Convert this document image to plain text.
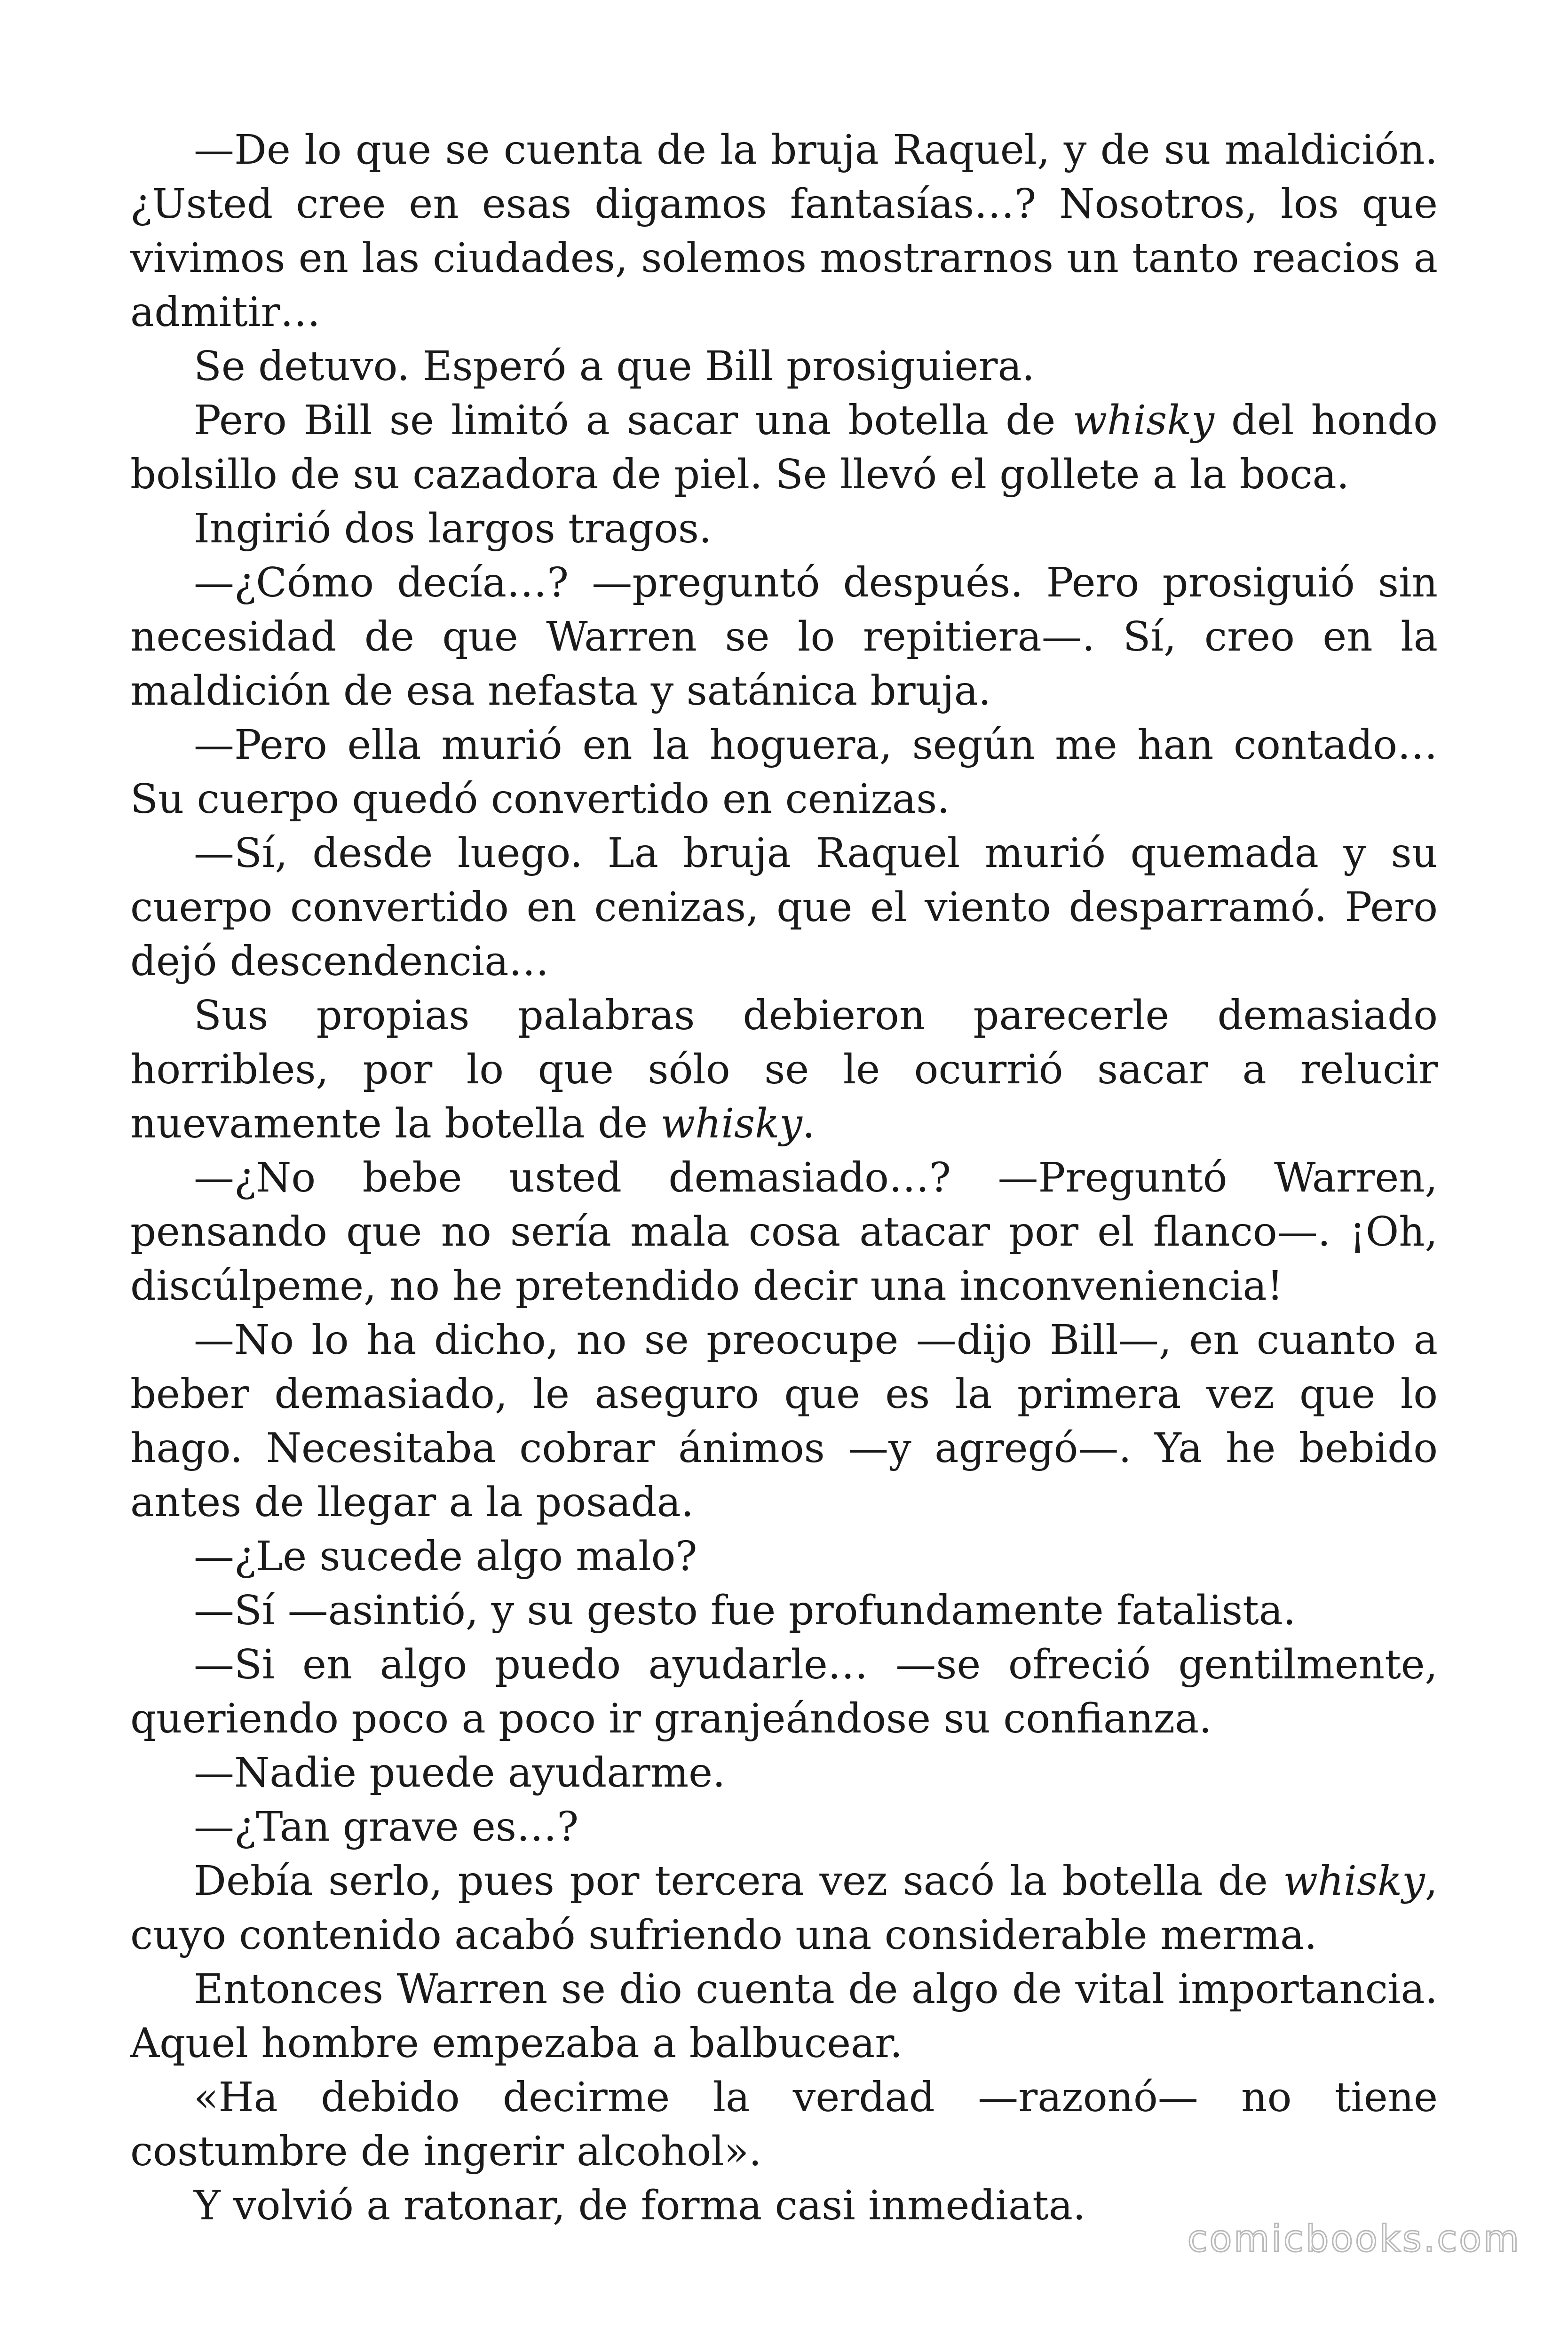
—De lo que se cuenta de la bruja Raquel, y de su maldición. ¿Usted cree en esas digamos fantasías…? Nosotros, los que vivimos en las ciudades, solemos mostrarnos un tanto reacios a admitir…

Se detuvo. Esperó a que Bill prosiguiera.

Pero Bill se limitó a sacar una botella de whisky del hondo bolsillo de su cazadora de piel. Se llevó el gollete a la boca.

Ingirió dos largos tragos.

—¿Cómo decía…? —preguntó después. Pero prosiguió sin necesidad de que Warren se lo repitiera—. Sí, creo en la maldición de esa nefasta y satánica bruja.

—Pero ella murió en la hoguera, según me han contado… Su cuerpo quedó convertido en cenizas.

—Sí, desde luego. La bruja Raquel murió quemada y su cuerpo convertido en cenizas, que el viento desparramó. Pero dejó descendencia…

Sus propias palabras debieron parecerle demasiado horribles, por lo que sólo se le ocurrió sacar a relucir nuevamente la botella de whisky.

—¿No bebe usted demasiado…? —Preguntó Warren, pensando que no sería mala cosa atacar por el flanco—. ¡Oh, discúlpeme, no he pretendido decir una inconveniencia!

—No lo ha dicho, no se preocupe —dijo Bill—, en cuanto a beber demasiado, le aseguro que es la primera vez que lo hago. Necesitaba cobrar ánimos —y agregó—. Ya he bebido antes de llegar a la posada.

—¿Le sucede algo malo?

—Sí —asintió, y su gesto fue profundamente fatalista.

—Si en algo puedo ayudarle… —se ofreció gentilmente, queriendo poco a poco ir granjeándose su confianza.

—Nadie puede ayudarme.

—¿Tan grave es…?

Debía serlo, pues por tercera vez sacó la botella de whisky, cuyo contenido acabó sufriendo una considerable merma.

Entonces Warren se dio cuenta de algo de vital importancia. Aquel hombre empezaba a balbucear.

«Ha debido decirme la verdad —razonó— no tiene costumbre de ingerir alcohol».

Y volvió a ratonar, de forma casi inmediata.

comicbooks.com
